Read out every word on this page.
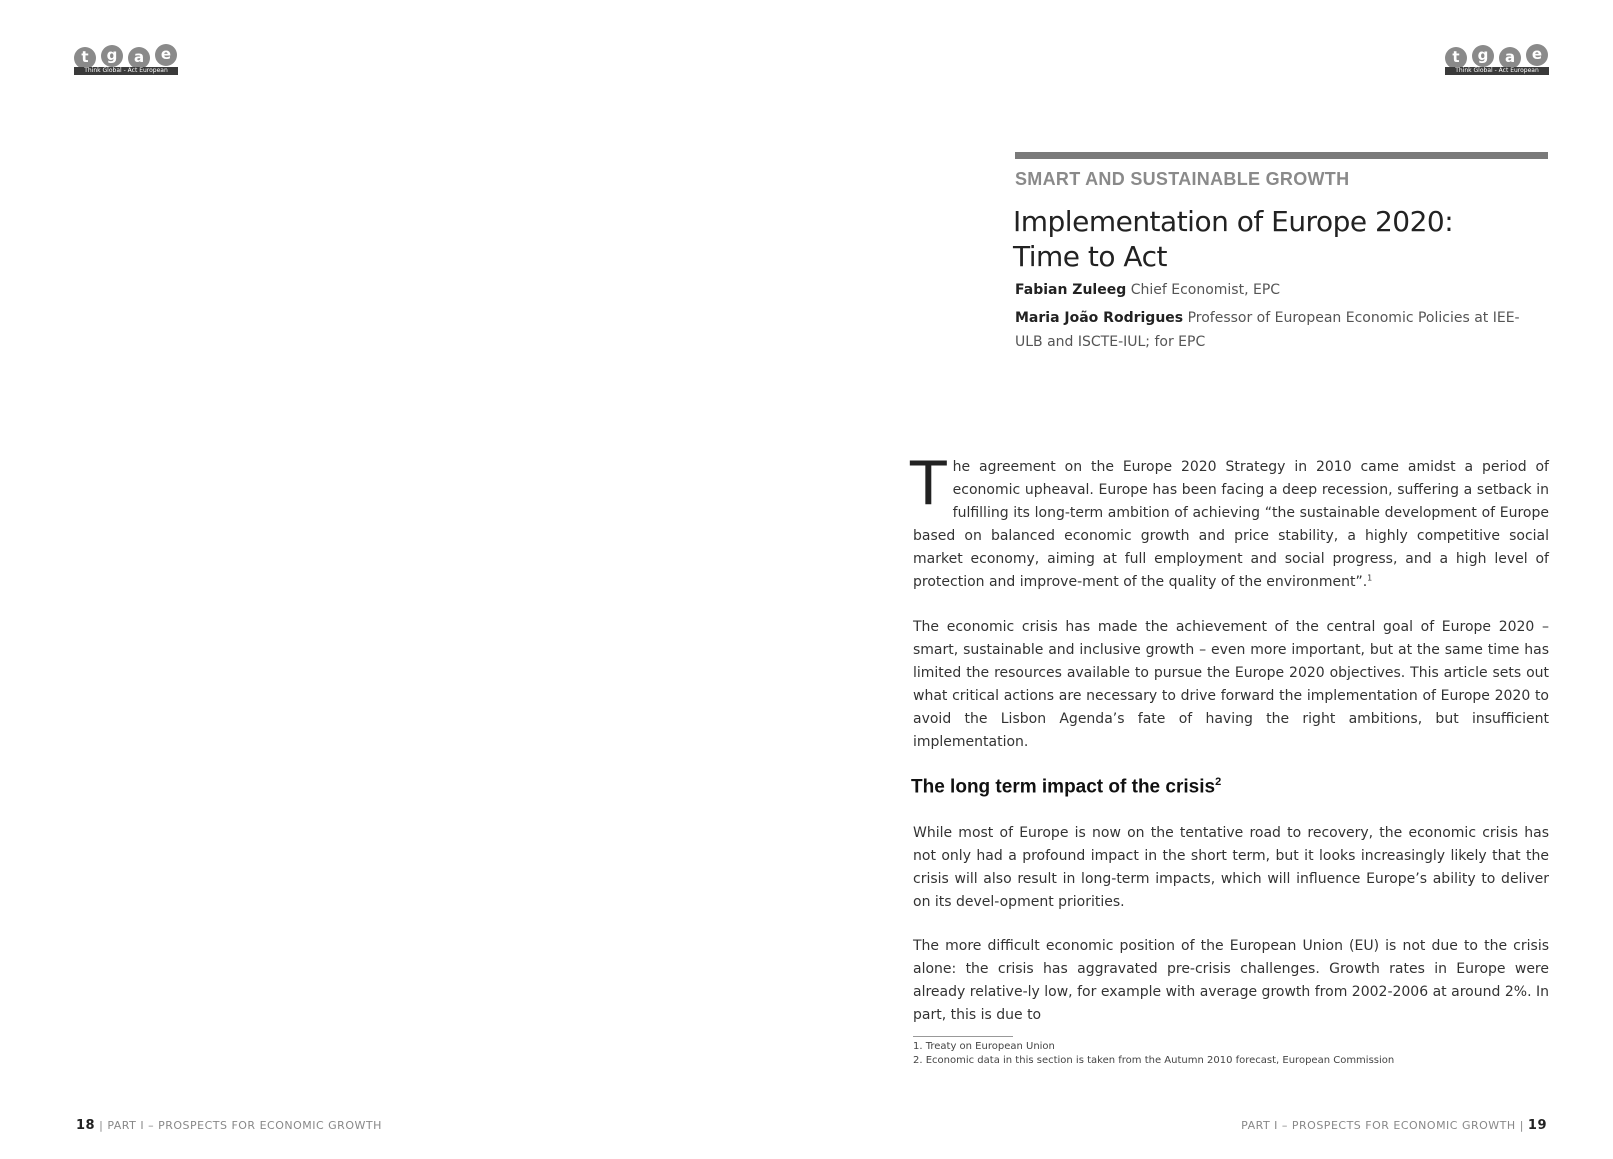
t	g	a	e
Think Global - Act European
t	g	a	e
Think Global - Act European
SMART AND SUSTAINABLE GROWTH
Implementation of Europe 2020:
Time to Act

Fabian Zuleeg Chief Economist, EPC

Maria João Rodrigues Professor of European Economic Policies at IEE-ULB and ISCTE-IUL; for EPC

T he agreement on the Europe 2020 Strategy in 2010 came amidst a period of economic upheaval. Europe has been facing a deep recession, suffering a setback in fulfilling its long-term ambition of achieving “the sustainable development of Europe based on balanced economic growth and price stability, a highly competitive social market economy, aiming at full employment and social progress, and a high level of protection and improve-ment of the quality of the environment”.$^1$

The economic crisis has made the achievement of the central goal of Europe 2020 – smart, sustainable and inclusive growth – even more important, but at the same time has limited the resources available to pursue the Europe 2020 objectives. This article sets out what critical actions are necessary to drive forward the implementation of Europe 2020 to avoid the Lisbon Agenda’s fate of having the right ambitions, but insufficient implementation.

The long term impact of the crisis$^2$

While most of Europe is now on the tentative road to recovery, the economic crisis has not only had a profound impact in the short term, but it looks increasingly likely that the crisis will also result in long-term impacts, which will influence Europe’s ability to deliver on its devel-opment priorities.

The more difficult economic position of the European Union (EU) is not due to the crisis alone: the crisis has aggravated pre-crisis challenges. Growth rates in Europe were already relative-ly low, for example with average growth from 2002-2006 at around 2%. In part, this is due to

1. Treaty on European Union
2. Economic data in this section is taken from the Autumn 2010 forecast, European Commission
18 | PART I – PROSPECTS FOR ECONOMIC GROWTH	PART I – PROSPECTS FOR ECONOMIC GROWTH | 19
